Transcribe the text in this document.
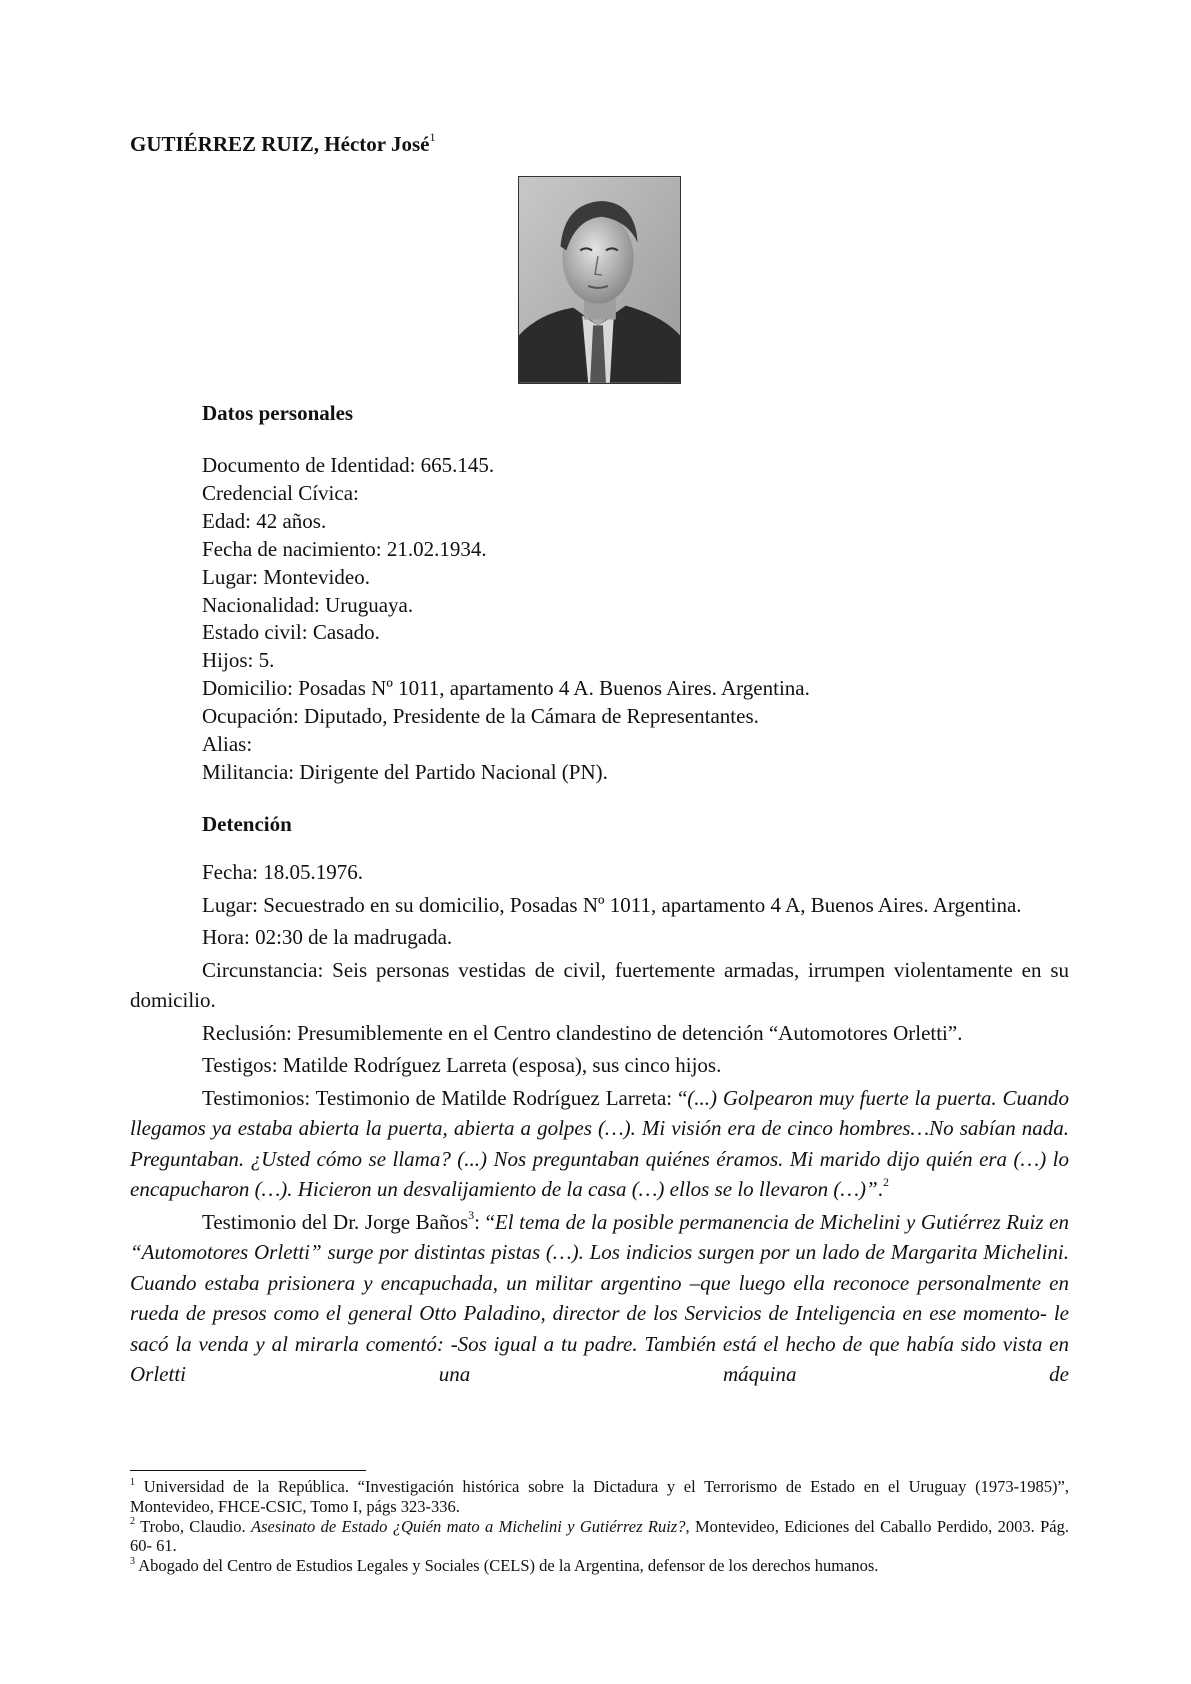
GUTIÉRREZ RUIZ, Héctor José$^1$
Datos personales
Documento de Identidad: 665.145.
Credencial Cívica:
Edad: 42 años.
Fecha de nacimiento: 21.02.1934.
Lugar: Montevideo.
Nacionalidad: Uruguaya.
Estado civil: Casado.
Hijos: 5.
Domicilio: Posadas Nº 1011, apartamento 4 A. Buenos Aires. Argentina.
Ocupación: Diputado, Presidente de la Cámara de Representantes.
Alias:
Militancia: Dirigente del Partido Nacional (PN).
Detención

Fecha: 18.05.1976.

Lugar: Secuestrado en su domicilio, Posadas Nº 1011, apartamento 4 A, Buenos Aires. Argentina.

Hora: 02:30 de la madrugada.

Circunstancia: Seis personas vestidas de civil, fuertemente armadas, irrumpen violentamente en su domicilio.

Reclusión: Presumiblemente en el Centro clandestino de detención “Automotores Orletti”.

Testigos: Matilde Rodríguez Larreta (esposa), sus cinco hijos.

Testimonios: Testimonio de Matilde Rodríguez Larreta: “(...) Golpearon muy fuerte la puerta. Cuando llegamos ya estaba abierta la puerta, abierta a golpes (…). Mi visión era de cinco hombres…No sabían nada. Preguntaban. ¿Usted cómo se llama? (...) Nos preguntaban quiénes éramos. Mi marido dijo quién era (…) lo encapucharon (…). Hicieron un desvalijamiento de la casa (…) ellos se lo llevaron (…)”.$^2$

Testimonio del Dr. Jorge Baños$^3$: “El tema de la posible permanencia de Michelini y Gutiérrez Ruiz en “Automotores Orletti” surge por distintas pistas (…). Los indicios surgen por un lado de Margarita Michelini. Cuando estaba prisionera y encapuchada, un militar argentino –que luego ella reconoce personalmente en rueda de presos como el general Otto Paladino, director de los Servicios de Inteligencia en ese momento- le sacó la venda y al mirarla comentó: -Sos igual a tu padre. También está el hecho de que había sido vista en Orletti una máquina de

$^1$ Universidad de la República. “Investigación histórica sobre la Dictadura y el Terrorismo de Estado en el Uruguay (1973-1985)”, Montevideo, FHCE-CSIC, Tomo I, págs 323-336.

$^2$ Trobo, Claudio. Asesinato de Estado ¿Quién mato a Michelini y Gutiérrez Ruiz?, Montevideo, Ediciones del Caballo Perdido, 2003. Pág. 60- 61.

$^3$ Abogado del Centro de Estudios Legales y Sociales (CELS) de la Argentina, defensor de los derechos humanos.
